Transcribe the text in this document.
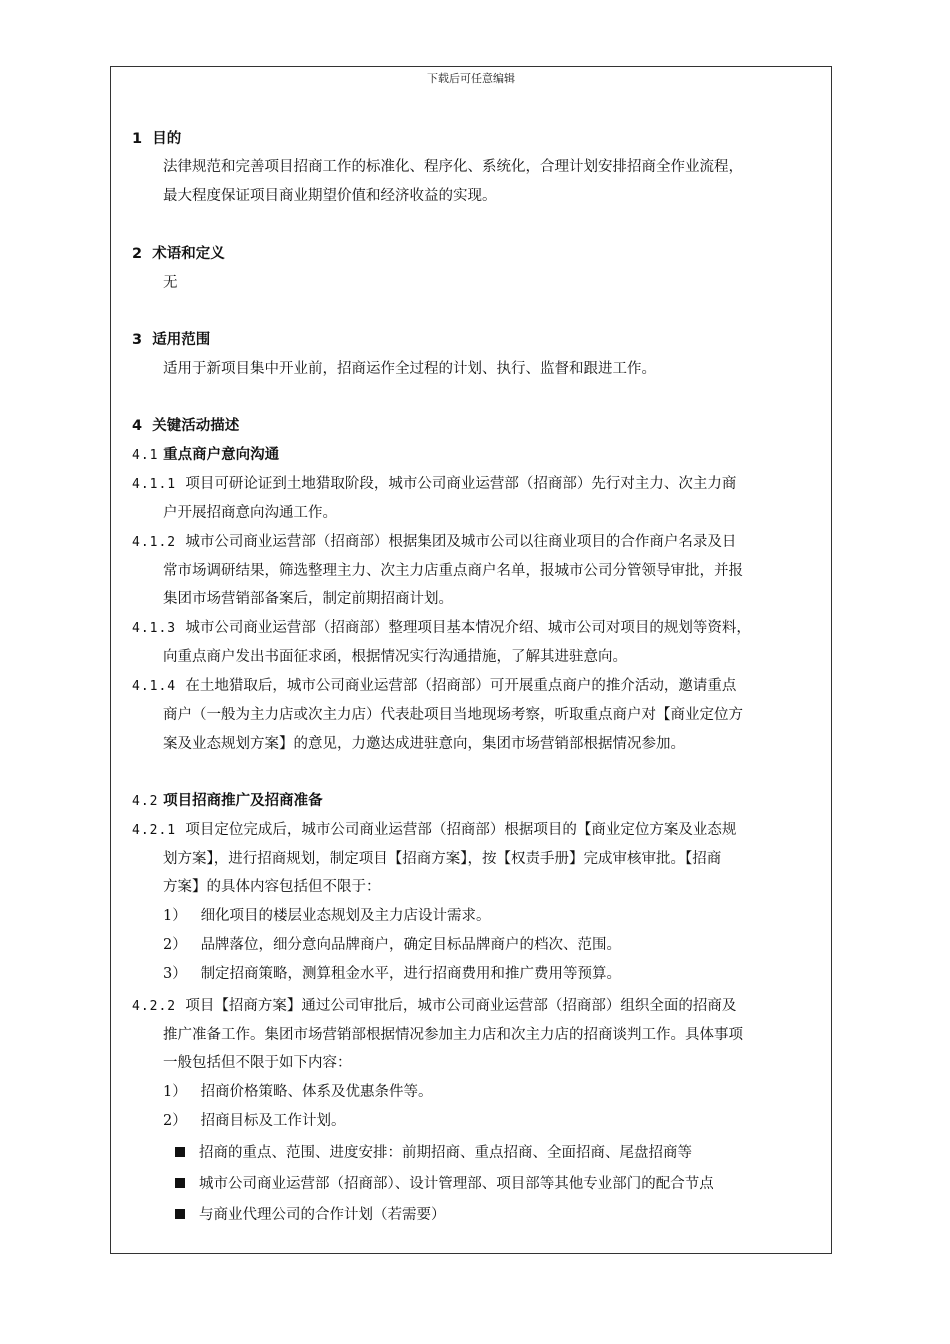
下载后可任意编辑
1 目的
法律规范和完善项目招商工作的标准化、程序化、系统化，合理计划安排招商全作业流程，
最大程度保证项目商业期望价值和经济收益的实现。
2 术语和定义
无
3 适用范围
适用于新项目集中开业前，招商运作全过程的计划、执行、监督和跟进工作。
4 关键活动描述
4.1 重点商户意向沟通
4.1.1 项目可研论证到土地猎取阶段，城市公司商业运营部（招商部）先行对主力、次主力商
户开展招商意向沟通工作。
4.1.2 城市公司商业运营部（招商部）根据集团及城市公司以往商业项目的合作商户名录及日
常市场调研结果，筛选整理主力、次主力店重点商户名单，报城市公司分管领导审批，并报
集团市场营销部备案后，制定前期招商计划。
4.1.3 城市公司商业运营部（招商部）整理项目基本情况介绍、城市公司对项目的规划等资料，
向重点商户发出书面征求函，根据情况实行沟通措施，了解其进驻意向。
4.1.4 在土地猎取后，城市公司商业运营部（招商部）可开展重点商户的推介活动，邀请重点
商户（一般为主力店或次主力店）代表赴项目当地现场考察，听取重点商户对【商业定位方
案及业态规划方案】的意见，力邀达成进驻意向，集团市场营销部根据情况参加。
4.2 项目招商推广及招商准备
4.2.1 项目定位完成后，城市公司商业运营部（招商部）根据项目的【商业定位方案及业态规
划方案】，进行招商规划，制定项目【招商方案】，按【权责手册】完成审核审批。【招商
方案】的具体内容包括但不限于：
1） 细化项目的楼层业态规划及主力店设计需求。
2） 品牌落位，细分意向品牌商户，确定目标品牌商户的档次、范围。
3） 制定招商策略，测算租金水平，进行招商费用和推广费用等预算。
4.2.2 项目【招商方案】通过公司审批后，城市公司商业运营部（招商部）组织全面的招商及
推广准备工作。集团市场营销部根据情况参加主力店和次主力店的招商谈判工作。具体事项
一般包括但不限于如下内容：
1） 招商价格策略、体系及优惠条件等。
2） 招商目标及工作计划。
招商的重点、范围、进度安排：前期招商、重点招商、全面招商、尾盘招商等
城市公司商业运营部（招商部）、设计管理部、项目部等其他专业部门的配合节点
与商业代理公司的合作计划（若需要）
